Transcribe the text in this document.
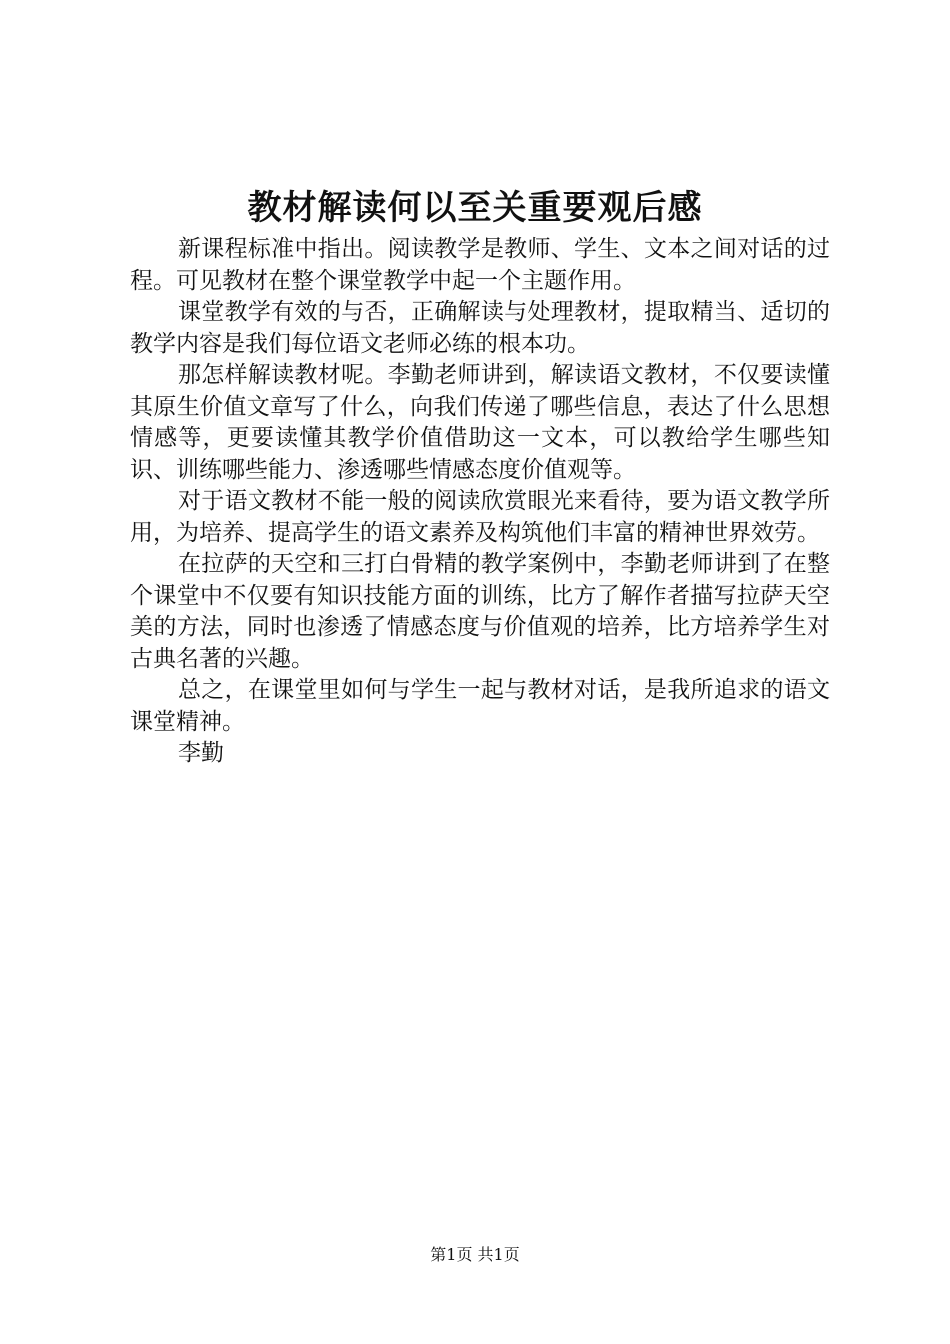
教材解读何以至关重要观后感

新课程标准中指出。阅读教学是教师、学生、文本之间对话的过程。可见教材在整个课堂教学中起一个主题作用。

课堂教学有效的与否，正确解读与处理教材，提取精当、适切的教学内容是我们每位语文老师必练的根本功。

那怎样解读教材呢。李勤老师讲到，解读语文教材，不仅要读懂其原生价值文章写了什么，向我们传递了哪些信息，表达了什么思想情感等，更要读懂其教学价值借助这一文本，可以教给学生哪些知识、训练哪些能力、渗透哪些情感态度价值观等。

对于语文教材不能一般的阅读欣赏眼光来看待，要为语文教学所用，为培养、提高学生的语文素养及构筑他们丰富的精神世界效劳。

在拉萨的天空和三打白骨精的教学案例中，李勤老师讲到了在整个课堂中不仅要有知识技能方面的训练，比方了解作者描写拉萨天空美的方法，同时也渗透了情感态度与价值观的培养，比方培养学生对古典名著的兴趣。

总之，在课堂里如何与学生一起与教材对话，是我所追求的语文课堂精神。

李勤

第1页 共1页
